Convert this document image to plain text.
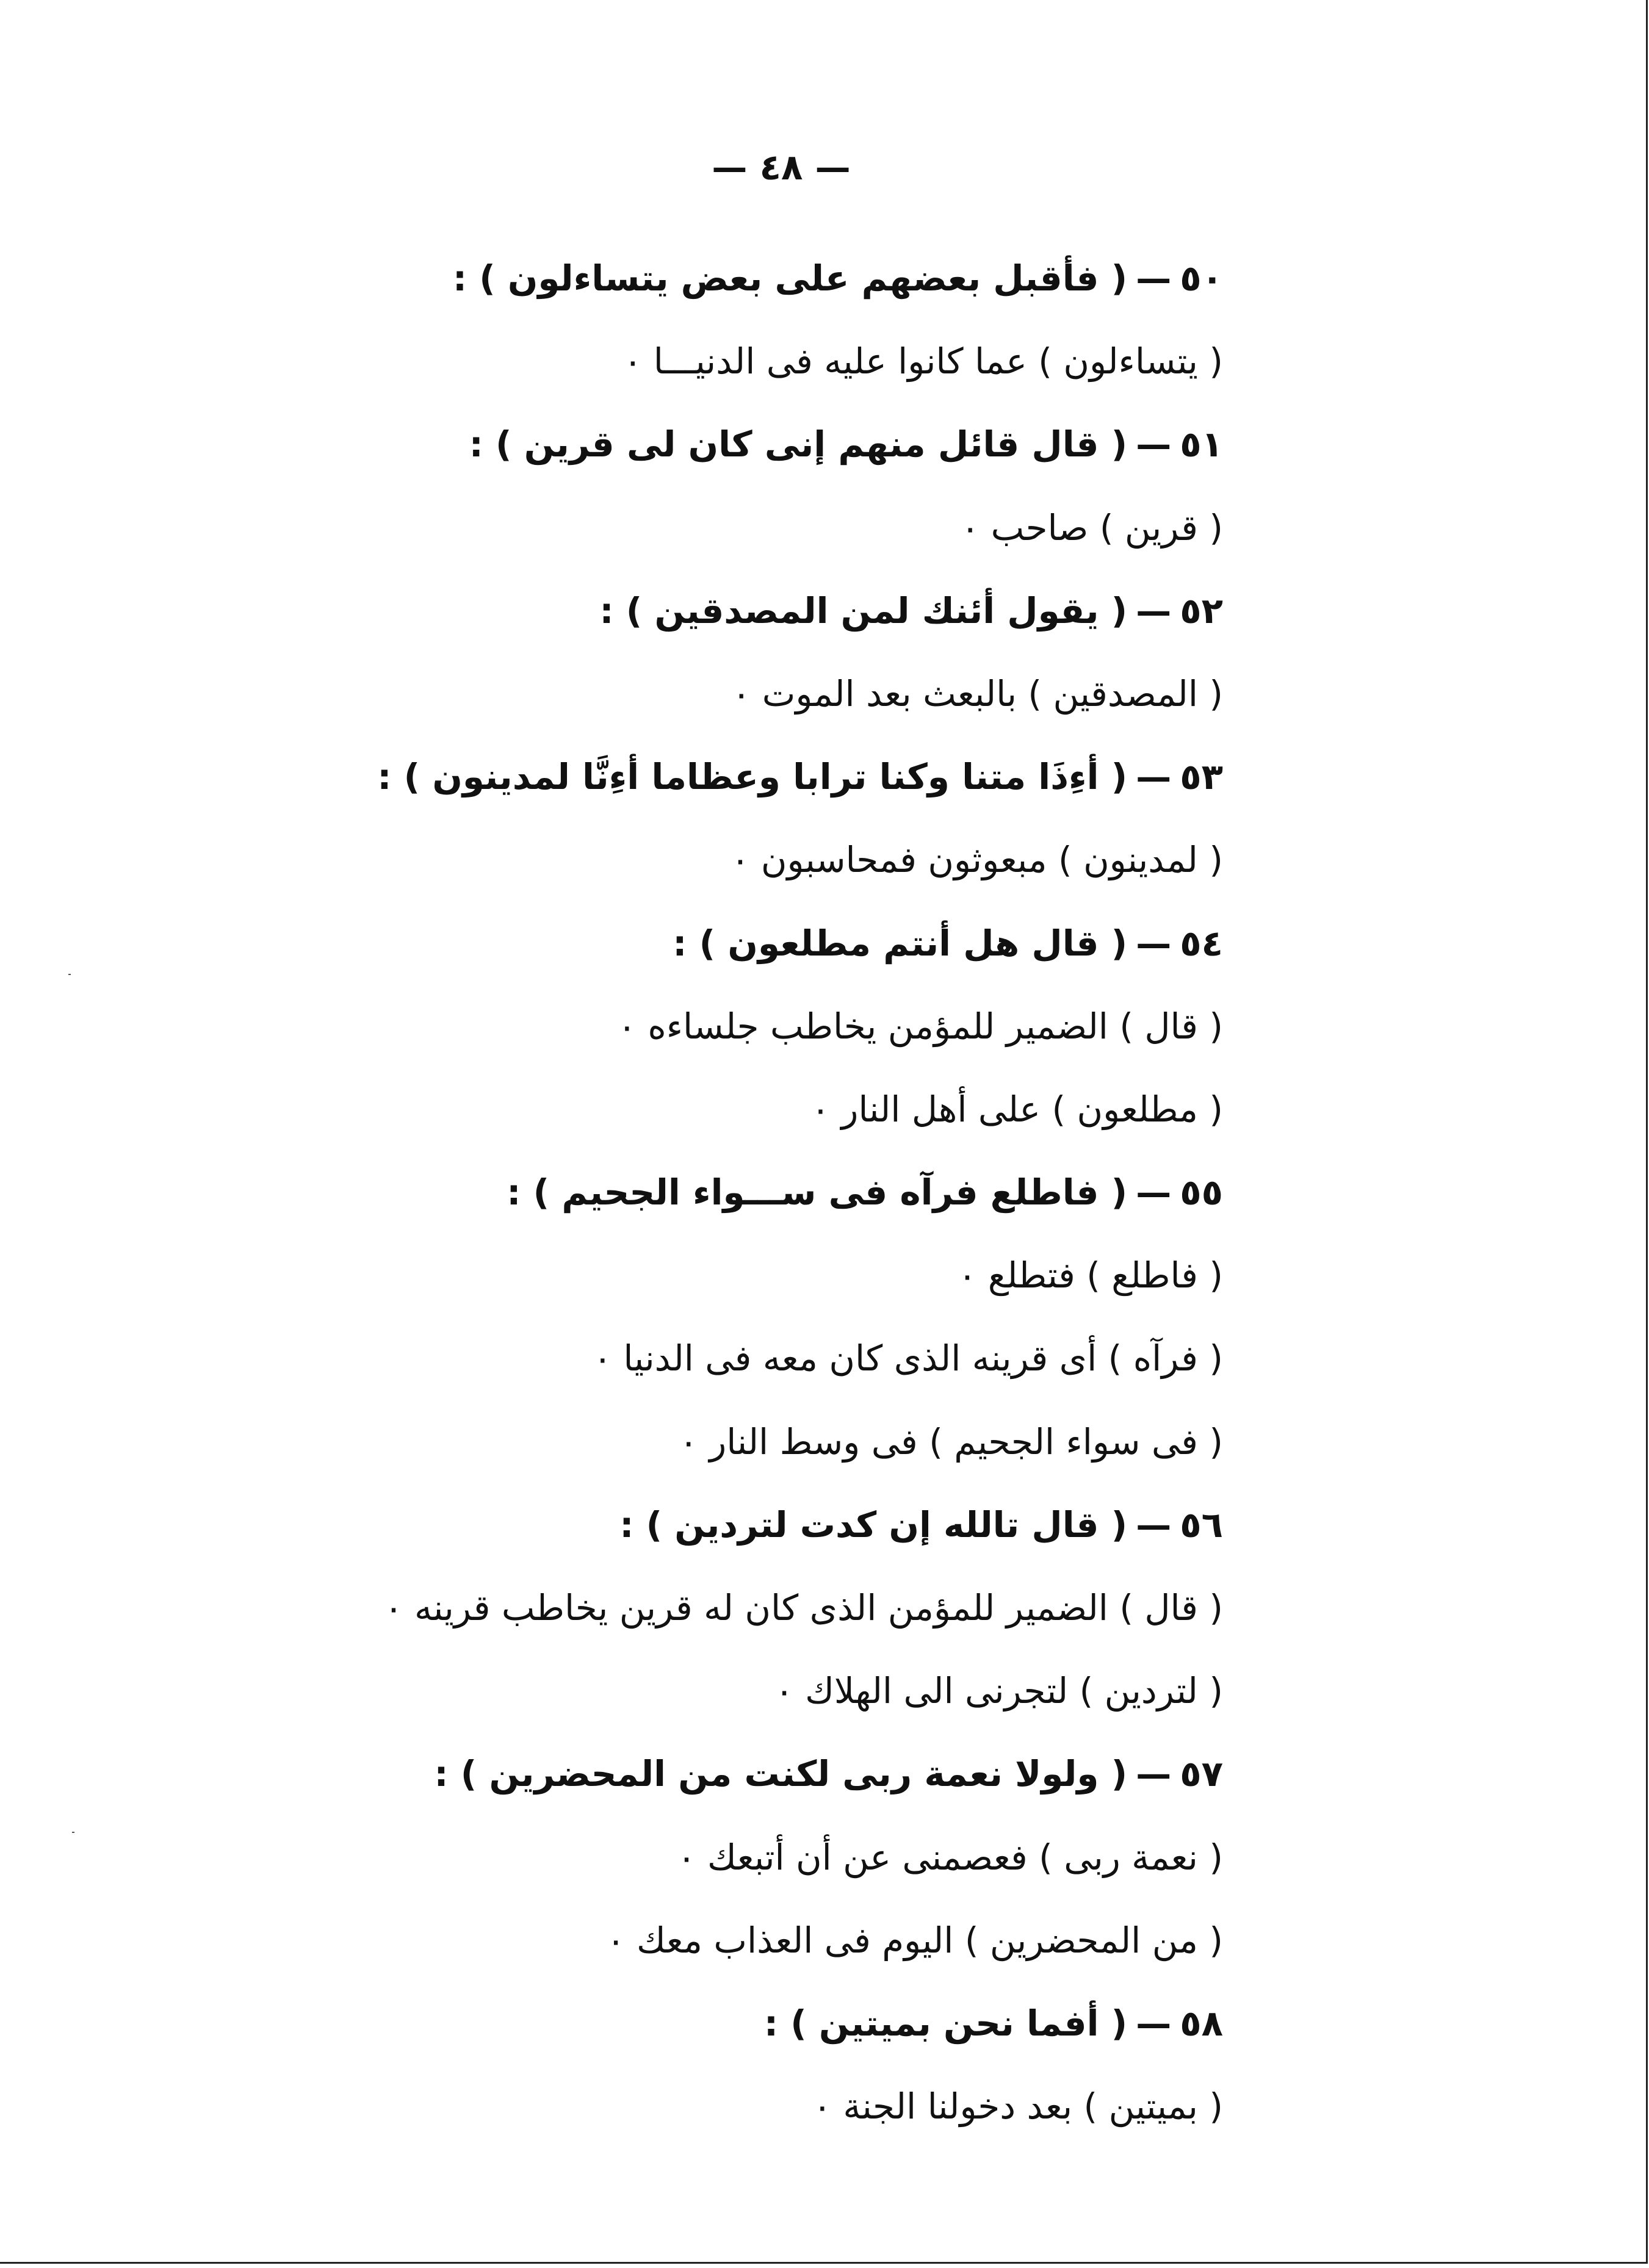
— ٤٨ —
٥٠—( فأقبل بعضهم على بعض يتساءلون ) :
( يتساءلون ) عما كانوا عليه فى الدنيـــا ٠
٥١—( قال قائل منهم إنى كان لى قرين ) :
( قرين ) صاحب ٠
٥٢—( يقول أئنك لمن المصدقين ) :
( المصدقين ) بالبعث بعد الموت ٠
٥٣—( أءِذَا متنا وكنا ترابا وعظاما أءِنَّا لمدينون ) :
( لمدينون ) مبعوثون فمحاسبون ٠
٥٤—( قال هل أنتم مطلعون ) :
( قال ) الضمير للمؤمن يخاطب جلساءه ٠
( مطلعون ) على أهل النار ٠
٥٥—( فاطلع فرآه فى ســـواء الجحيم ) :
( فاطلع ) فتطلع ٠
( فرآه ) أى قرينه الذى كان معه فى الدنيا ٠
( فى سواء الجحيم ) فى وسط النار ٠
٥٦—( قال تالله إن كدت لتردين ) :
( قال ) الضمير للمؤمن الذى كان له قرين يخاطب قرينه ٠
( لتردين ) لتجرنى الى الهلاك ٠
٥٧—( ولولا نعمة ربى لكنت من المحضرين ) :
( نعمة ربى ) فعصمنى عن أن أتبعك ٠
( من المحضرين ) اليوم فى العذاب معك ٠
٥٨—( أفما نحن بميتين ) :
( بميتين ) بعد دخولنا الجنة ٠
